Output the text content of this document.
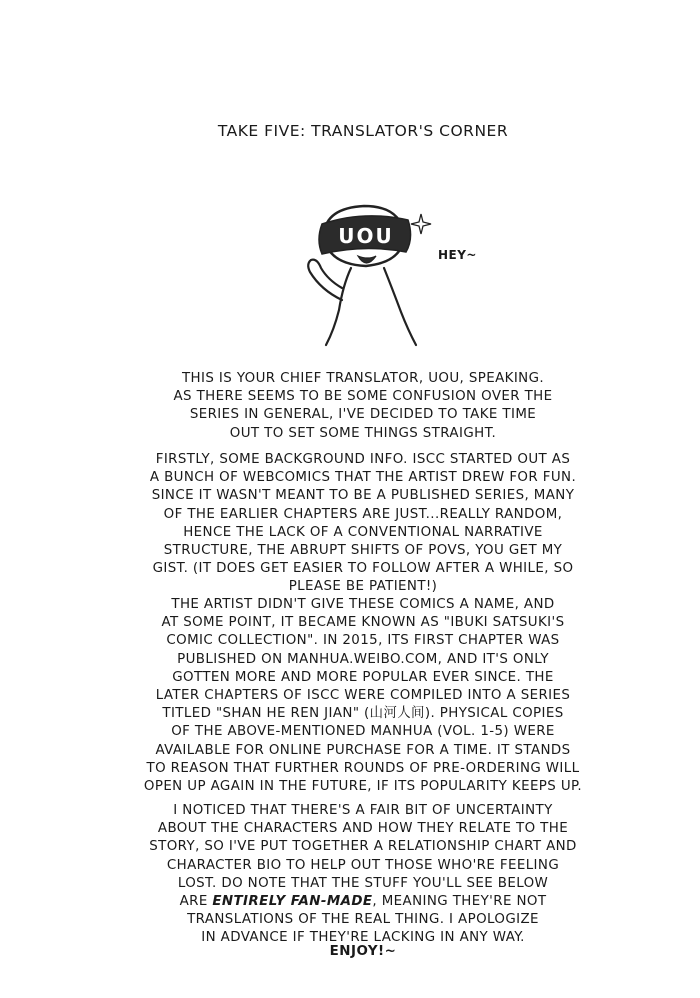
TAKE FIVE: TRANSLATOR'S CORNER
UOU
HEY~
THIS IS YOUR CHIEF TRANSLATOR, UOU, SPEAKING.
AS THERE SEEMS TO BE SOME CONFUSION OVER THE
SERIES IN GENERAL, I'VE DECIDED TO TAKE TIME
OUT TO SET SOME THINGS STRAIGHT.
FIRSTLY, SOME BACKGROUND INFO. ISCC STARTED OUT AS
A BUNCH OF WEBCOMICS THAT THE ARTIST DREW FOR FUN.
SINCE IT WASN'T MEANT TO BE A PUBLISHED SERIES, MANY
OF THE EARLIER CHAPTERS ARE JUST...REALLY RANDOM,
HENCE THE LACK OF A CONVENTIONAL NARRATIVE
STRUCTURE, THE ABRUPT SHIFTS OF POVS, YOU GET MY
GIST. (IT DOES GET EASIER TO FOLLOW AFTER A WHILE, SO
PLEASE BE PATIENT!)
THE ARTIST DIDN'T GIVE THESE COMICS A NAME, AND
AT SOME POINT, IT BECAME KNOWN AS "IBUKI SATSUKI'S
COMIC COLLECTION". IN 2015, ITS FIRST CHAPTER WAS
PUBLISHED ON MANHUA.WEIBO.COM, AND IT'S ONLY
GOTTEN MORE AND MORE POPULAR EVER SINCE. THE
LATER CHAPTERS OF ISCC WERE COMPILED INTO A SERIES
TITLED "SHAN HE REN JIAN" (山河人间). PHYSICAL COPIES
OF THE ABOVE-MENTIONED MANHUA (VOL. 1-5) WERE
AVAILABLE FOR ONLINE PURCHASE FOR A TIME. IT STANDS
TO REASON THAT FURTHER ROUNDS OF PRE-ORDERING WILL
OPEN UP AGAIN IN THE FUTURE, IF ITS POPULARITY KEEPS UP.
I NOTICED THAT THERE'S A FAIR BIT OF UNCERTAINTY
ABOUT THE CHARACTERS AND HOW THEY RELATE TO THE
STORY, SO I'VE PUT TOGETHER A RELATIONSHIP CHART AND
CHARACTER BIO TO HELP OUT THOSE WHO'RE FEELING
LOST. DO NOTE THAT THE STUFF YOU'LL SEE BELOW
ARE ENTIRELY FAN-MADE, MEANING THEY'RE NOT
TRANSLATIONS OF THE REAL THING. I APOLOGIZE
IN ADVANCE IF THEY'RE LACKING IN ANY WAY.
ENJOY!~
